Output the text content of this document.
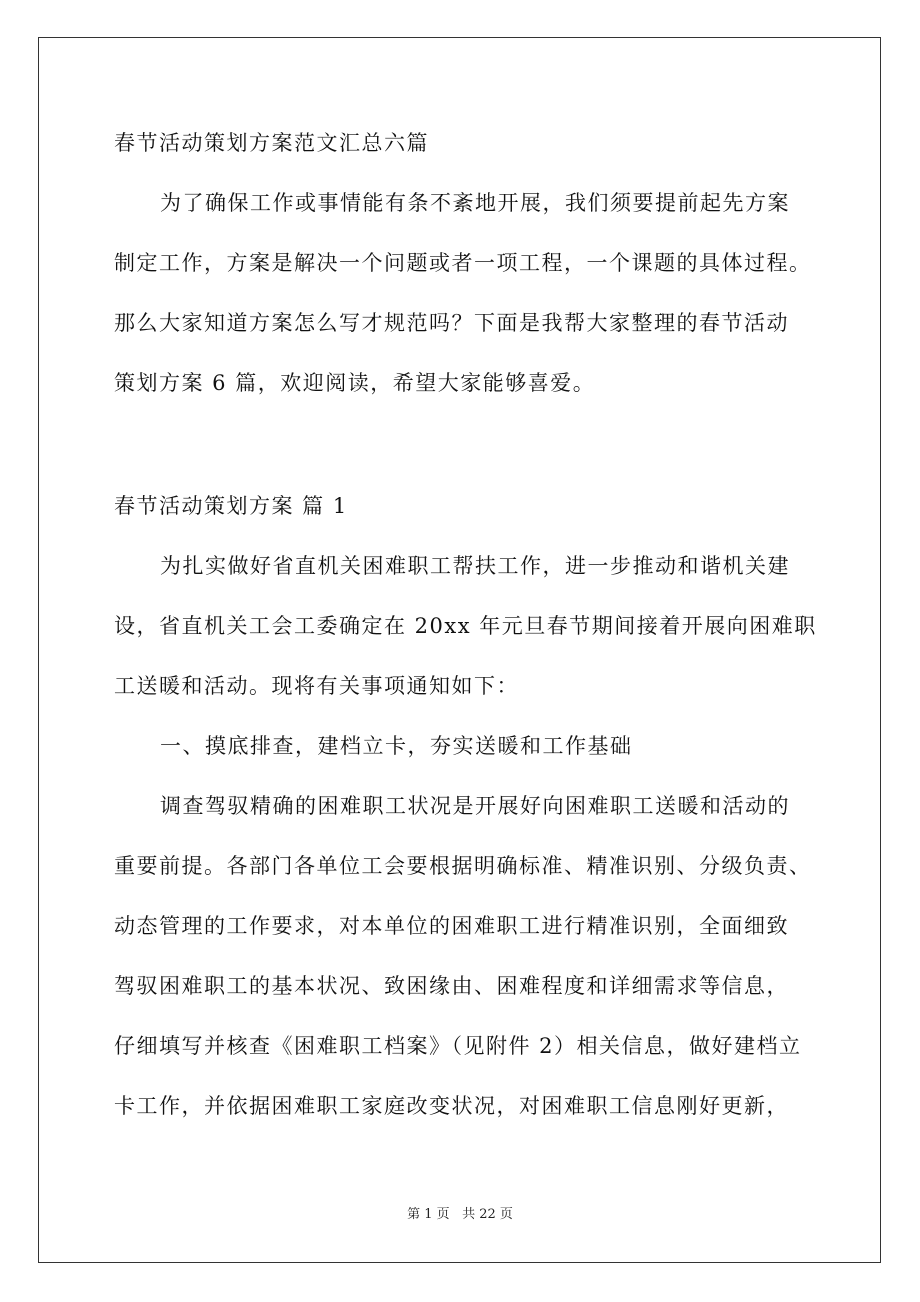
春节活动策划方案范文汇总六篇
为了确保工作或事情能有条不紊地开展，我们须要提前起先方案
制定工作，方案是解决一个问题或者一项工程，一个课题的具体过程。
那么大家知道方案怎么写才规范吗？下面是我帮大家整理的春节活动
策划方案 6 篇，欢迎阅读，希望大家能够喜爱。
春节活动策划方案 篇 1
为扎实做好省直机关困难职工帮扶工作，进一步推动和谐机关建
设，省直机关工会工委确定在 20xx 年元旦春节期间接着开展向困难职
工送暖和活动。现将有关事项通知如下：
一、摸底排查，建档立卡，夯实送暖和工作基础
调查驾驭精确的困难职工状况是开展好向困难职工送暖和活动的
重要前提。各部门各单位工会要根据明确标准、精准识别、分级负责、
动态管理的工作要求，对本单位的困难职工进行精准识别，全面细致
驾驭困难职工的基本状况、致困缘由、困难程度和详细需求等信息，
仔细填写并核查《困难职工档案》（见附件 2）相关信息，做好建档立
卡工作，并依据困难职工家庭改变状况，对困难职工信息刚好更新，
第 1 页 共 22 页
